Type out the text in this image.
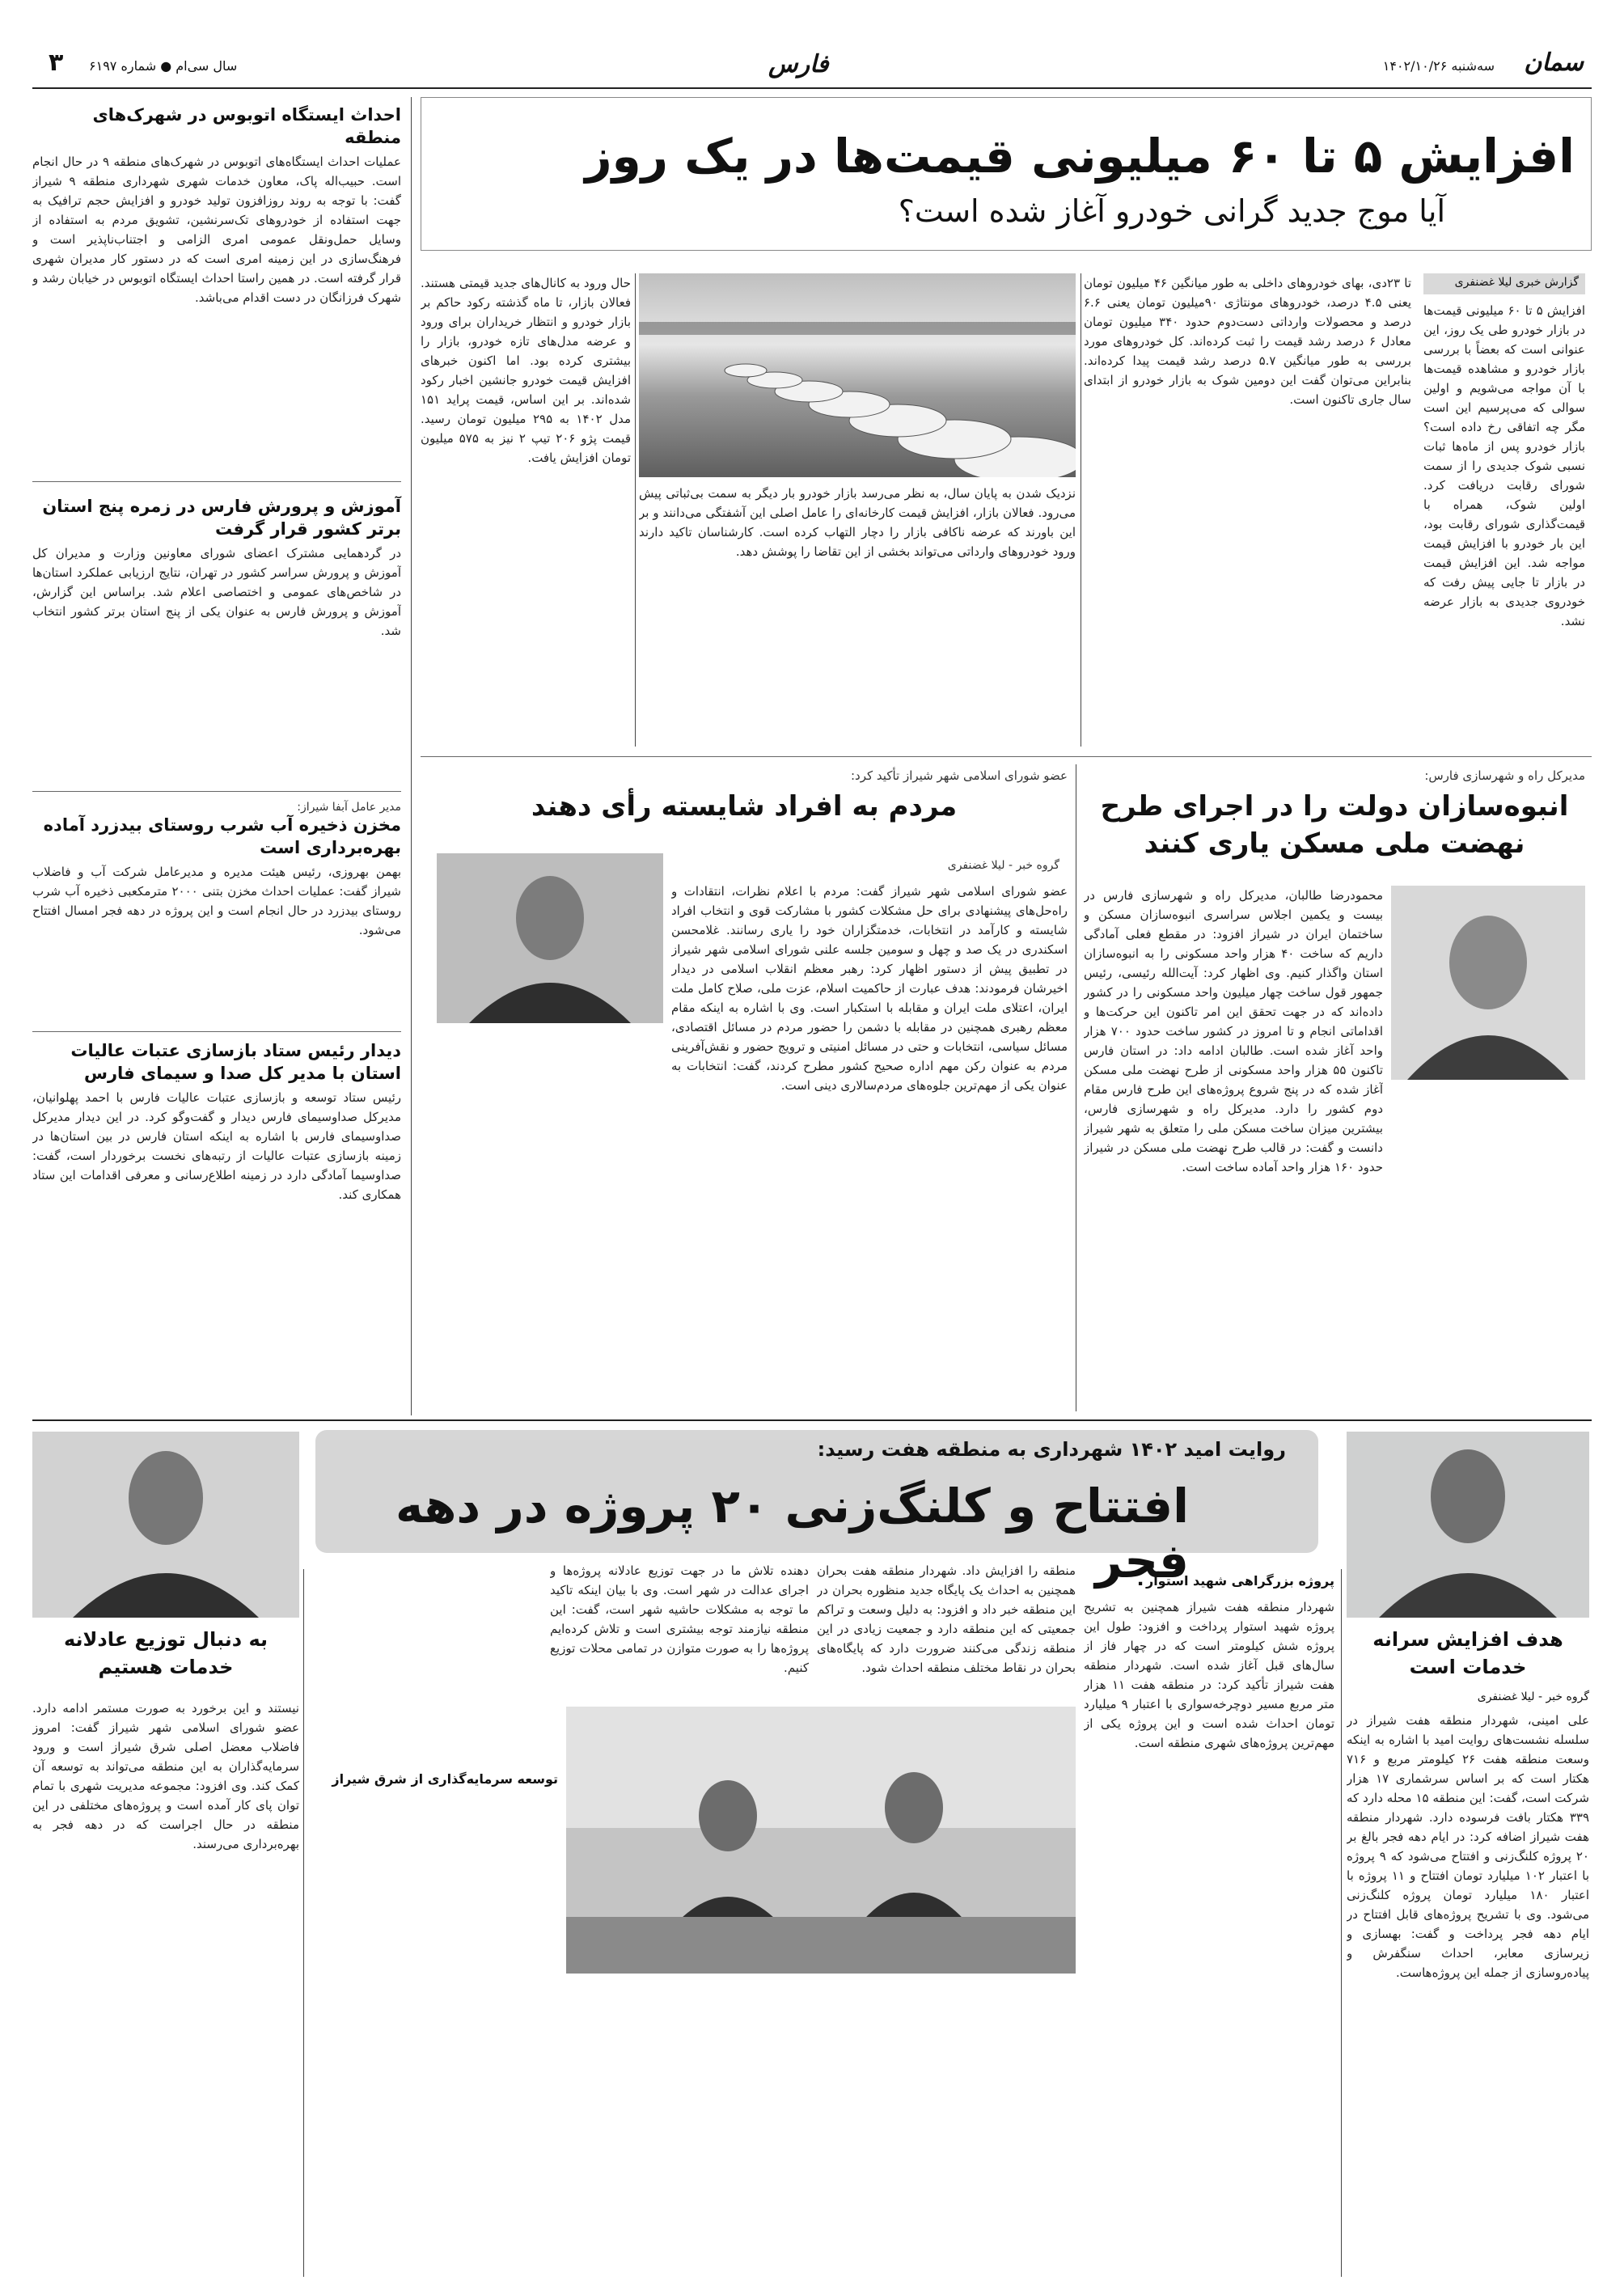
سمان
سه‌شنبه ۱۴۰۲/۱۰/۲۶
فارس
سال سی‌ام ● شماره ۶۱۹۷
۳
احداث ایستگاه اتوبوس در شهرک‌های منطقه
عملیات احداث ایستگاه‌های اتوبوس در شهرک‌های منطقه ۹ در حال انجام است. حبیب‌اله پاک، معاون خدمات شهری شهرداری منطقه ۹ شیراز گفت: با توجه به روند روزافزون تولید خودرو و افزایش حجم ترافیک به جهت استفاده از خودروهای تک‌سرنشین، تشویق مردم به استفاده از وسایل حمل‌ونقل عمومی امری الزامی و اجتناب‌ناپذیر است و فرهنگ‌سازی در این زمینه امری است که در دستور کار مدیران شهری قرار گرفته است. در همین راستا احداث ایستگاه اتوبوس در خیابان رشد و شهرک فرزانگان در دست اقدام می‌باشد.
آموزش و پرورش فارس در زمره پنج استان برتر کشور قرار گرفت
در گردهمایی مشترک اعضای شورای معاونین وزارت و مدیران کل آموزش و پرورش سراسر کشور در تهران، نتایج ارزیابی عملکرد استان‌ها در شاخص‌های عمومی و اختصاصی اعلام شد. براساس این گزارش، آموزش و پرورش فارس به عنوان یکی از پنج استان برتر کشور انتخاب شد.
مدیر عامل آبفا شیراز:
مخزن ذخیره آب شرب روستای بیدزرد آماده بهره‌برداری است
بهمن بهروزی، رئیس هیئت مدیره و مدیرعامل شرکت آب و فاضلاب شیراز گفت: عملیات احداث مخزن بتنی ۲۰۰۰ مترمکعبی ذخیره آب شرب روستای بیدزرد در حال انجام است و این پروژه در دهه فجر امسال افتتاح می‌شود.
دیدار رئیس ستاد بازسازی عتبات عالیات استان با مدیر کل صدا و سیمای فارس
رئیس ستاد توسعه و بازسازی عتبات عالیات فارس با احمد پهلوانیان، مدیرکل صداوسیمای فارس دیدار و گفت‌وگو کرد. در این دیدار مدیرکل صداوسیمای فارس با اشاره به اینکه استان فارس در بین استان‌ها در زمینه بازسازی عتبات عالیات از رتبه‌های نخست برخوردار است، گفت: صداوسیما آمادگی دارد در زمینه اطلاع‌رسانی و معرفی اقدامات این ستاد همکاری کند.
افزایش ۵ تا ۶۰ میلیونی قیمت‌ها در یک روز
آیا موج جدید گرانی خودرو آغاز شده است؟
گزارش خبری لیلا غضنفری
افزایش ۵ تا ۶۰ میلیونی قیمت‌ها در بازار خودرو طی یک روز، این عنوانی است که بعضاً با بررسی بازار خودرو و مشاهده قیمت‌ها با آن مواجه می‌شویم و اولین سوالی که می‌پرسیم این است مگر چه اتفاقی رخ داده است؟ بازار خودرو پس از ماه‌ها ثبات نسبی شوک جدیدی را از سمت شورای رقابت دریافت کرد. اولین شوک، همراه با قیمت‌گذاری شورای رقابت بود، این بار خودرو با افزایش قیمت مواجه شد. این افزایش قیمت در بازار تا جایی پیش رفت که خودروی جدیدی به بازار عرضه نشد.
تا ۲۳دی، بهای خودروهای داخلی به طور میانگین ۴۶ میلیون تومان یعنی ۴.۵ درصد، خودروهای مونتاژی ۹۰میلیون تومان یعنی ۶.۶ درصد و محصولات وارداتی دست‌دوم حدود ۳۴۰ میلیون تومان معادل ۶ درصد رشد قیمت را ثبت کرده‌اند. کل خودروهای مورد بررسی به طور میانگین ۵.۷ درصد رشد قیمت پیدا کرده‌اند. بنابراین می‌توان گفت این دومین شوک به بازار خودرو از ابتدای سال جاری تاکنون است.
نزدیک شدن به پایان سال، به نظر می‌رسد بازار خودرو بار دیگر به سمت بی‌ثباتی پیش می‌رود. فعالان بازار، افزایش قیمت کارخانه‌ای را عامل اصلی این آشفتگی می‌دانند و بر این باورند که عرضه ناکافی بازار را دچار التهاب کرده است. کارشناسان تاکید دارند ورود خودروهای وارداتی می‌تواند بخشی از این تقاضا را پوشش دهد.
حال ورود به کانال‌های جدید قیمتی هستند. فعالان بازار، تا ماه گذشته رکود حاکم بر بازار خودرو و انتظار خریداران برای ورود و عرضه مدل‌های تازه خودرو، بازار را بیشتری کرده بود. اما اکنون خبرهای افزایش قیمت خودرو جانشین اخبار رکود شده‌اند. بر این اساس، قیمت پراید ۱۵۱ مدل ۱۴۰۲ به ۲۹۵ میلیون تومان رسید. قیمت پژو ۲۰۶ تیپ ۲ نیز به ۵۷۵ میلیون تومان افزایش یافت.
مدیرکل راه و شهرسازی فارس:
انبوه‌سازان دولت را در اجرای طرح نهضت ملی مسکن یاری کنند
محمودرضا طالبان، مدیرکل راه و شهرسازی فارس در بیست و یکمین اجلاس سراسری انبوه‌سازان مسکن و ساختمان ایران در شیراز افزود: در مقطع فعلی آمادگی داریم که ساخت ۴۰ هزار واحد مسکونی را به انبوه‌سازان استان واگذار کنیم. وی اظهار کرد: آیت‌الله رئیسی، رئیس جمهور قول ساخت چهار میلیون واحد مسکونی را در کشور داده‌اند که در جهت تحقق این امر تاکنون این حرکت‌ها و اقداماتی انجام و تا امروز در کشور ساخت حدود ۷۰۰ هزار واحد آغاز شده است. طالبان ادامه داد: در استان فارس تاکنون ۵۵ هزار واحد مسکونی از طرح نهضت ملی مسکن آغاز شده که در پنج شروع پروژه‌های این طرح فارس مقام دوم کشور را دارد. مدیرکل راه و شهرسازی فارس، بیشترین میزان ساخت مسکن ملی را متعلق به شهر شیراز دانست و گفت: در قالب طرح نهضت ملی مسکن در شیراز حدود ۱۶۰ هزار واحد آماده ساخت است.
عضو شورای اسلامی شهر شیراز تأکید کرد:
مردم به افراد شایسته رأی دهند
گروه خبر - لیلا غضنفری
عضو شورای اسلامی شهر شیراز گفت: مردم با اعلام نظرات، انتقادات و راه‌حل‌های پیشنهادی برای حل مشکلات کشور با مشارکت قوی و انتخاب افراد شایسته و کارآمد در انتخابات، خدمتگزاران خود را یاری رسانند. غلامحسن اسکندری در یک صد و چهل و سومین جلسه علنی شورای اسلامی شهر شیراز در تطبیق پیش از دستور اظهار کرد: رهبر معظم انقلاب اسلامی در دیدار اخیرشان فرمودند: هدف عبارت از حاکمیت اسلام، عزت ملی، صلاح کامل ملت ایران، اعتلای ملت ایران و مقابله با استکبار است. وی با اشاره به اینکه مقام معظم رهبری همچنین در مقابله با دشمن را حضور مردم در مسائل اقتصادی، مسائل سیاسی، انتخابات و حتی در مسائل امنیتی و ترویج حضور و نقش‌آفرینی مردم به عنوان رکن مهم اداره صحیح کشور مطرح کردند، گفت: انتخابات به عنوان یکی از مهم‌ترین جلوه‌های مردم‌سالاری دینی است.
روایت امید ۱۴۰۲ شهرداری به منطقه هفت رسید:
افتتاح و کلنگ‌زنی ۲۰ پروژه در دهه فجر
هدف افزایش سرانه خدمات است
به دنبال توزیع عادلانه خدمات هستیم
گروه خبر - لیلا غضنفری
علی امینی، شهردار منطقه هفت شیراز در سلسله نشست‌های روایت امید با اشاره به اینکه وسعت منطقه هفت ۲۶ کیلومتر مربع و ۷۱۶ هکتار است که بر اساس سرشماری ۱۷ هزار شرکت است، گفت: این منطقه ۱۵ محله دارد که ۳۳۹ هکتار بافت فرسوده دارد. شهردار منطقه هفت شیراز اضافه کرد: در ایام دهه فجر بالغ بر ۲۰ پروژه کلنگ‌زنی و افتتاح می‌شود که ۹ پروژه با اعتبار ۱۰۲ میلیارد تومان افتتاح و ۱۱ پروژه با اعتبار ۱۸۰ میلیارد تومان پروژه کلنگ‌زنی می‌شود. وی با تشریح پروژه‌های قابل افتتاح در ایام دهه فجر پرداخت و گفت: بهسازی و زیرسازی معابر، احداث سنگفرش و پیاده‌روسازی از جمله این پروژه‌هاست.
پروژه بزرگراهی شهید استوار
شهردار منطقه هفت شیراز همچنین به تشریح پروژه شهید استوار پرداخت و افزود: طول این پروژه شش کیلومتر است که در چهار فاز از سال‌های قبل آغاز شده است. شهردار منطقه هفت شیراز تأکید کرد: در منطقه هفت ۱۱ هزار متر مربع مسیر دوچرخه‌سواری با اعتبار ۹ میلیارد تومان احداث شده است و این پروژه یکی از مهم‌ترین پروژه‌های شهری منطقه است.
منطقه را افزایش داد. شهردار منطقه هفت بحران همچنین به احداث یک پایگاه جدید منظوره بحران در این منطقه خبر داد و افزود: به دلیل وسعت و تراکم جمعیتی که این منطقه دارد و جمعیت زیادی در این منطقه زندگی می‌کنند ضرورت دارد که پایگاه‌های بحران در نقاط مختلف منطقه احداث شود.
دهنده تلاش ما در جهت توزیع عادلانه پروژه‌ها و اجرای عدالت در شهر است. وی با بیان اینکه تاکید ما توجه به مشکلات حاشیه شهر است، گفت: این منطقه نیازمند توجه بیشتری است و تلاش کرده‌ایم پروژه‌ها را به صورت متوازن در تمامی محلات توزیع کنیم.
توسعه سرمایه‌گذاری از شرق شیراز
نیستند و این برخورد به صورت مستمر ادامه دارد. عضو شورای اسلامی شهر شیراز گفت: امروز فاضلاب معضل اصلی شرق شیراز است و ورود سرمایه‌گذاران به این منطقه می‌تواند به توسعه آن کمک کند. وی افزود: مجموعه مدیریت شهری با تمام توان پای کار آمده است و پروژه‌های مختلفی در این منطقه در حال اجراست که در دهه فجر به بهره‌برداری می‌رسند.
